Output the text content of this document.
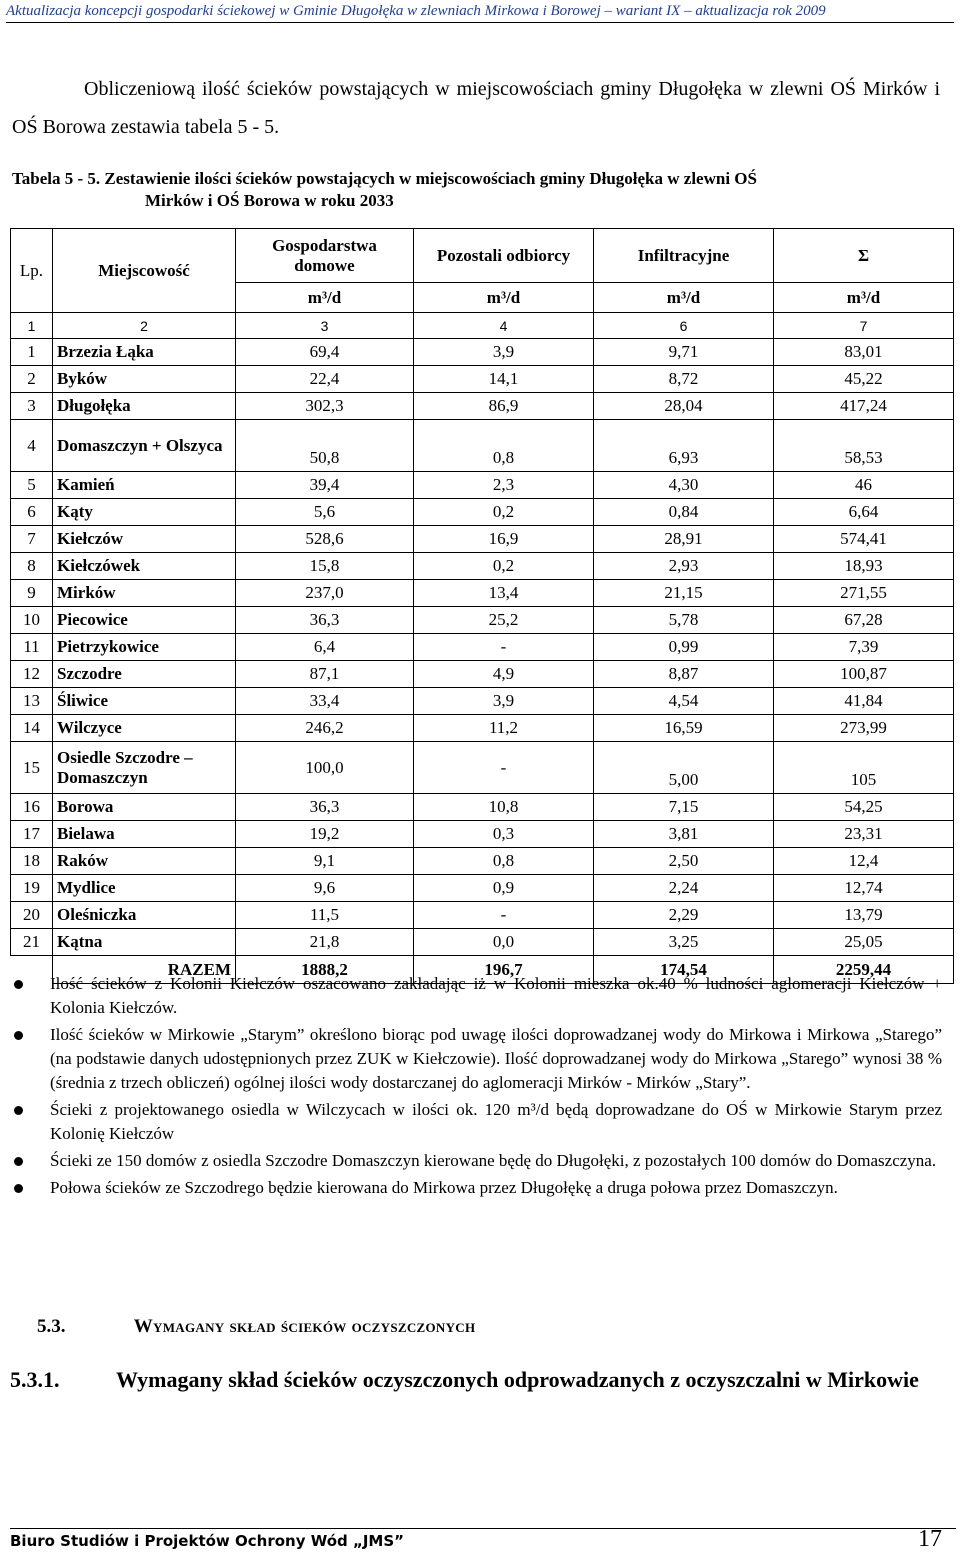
Aktualizacja koncepcji gospodarki ściekowej w Gminie Długołęka w zlewniach Mirkowa i Borowej – wariant IX – aktualizacja rok 2009

Obliczeniową ilość ścieków powstających w miejscowościach gminy Długołęka w zlewni OŚ Mirków i OŚ Borowa zestawia tabela 5 - 5.

Tabela 5 - 5. Zestawienie ilości ścieków powstających w miejscowościach gminy Długołęka w zlewni OŚ
Mirków i OŚ Borowa w roku 2033
Lp.	Miejscowość	Gospodarstwa domowe	Pozostali odbiorcy	Infiltracyjne	Σ
		m³/d	m³/d	m³/d	m³/d
1	2	3	4	6	7
1	Brzezia Łąka	69,4	3,9	9,71	83,01
2	Byków	22,4	14,1	8,72	45,22
3	Długołęka	302,3	86,9	28,04	417,24
4	Domaszczyn + Olszyca	50,8	0,8	6,93	58,53
5	Kamień	39,4	2,3	4,30	46
6	Kąty	5,6	0,2	0,84	6,64
7	Kiełczów	528,6	16,9	28,91	574,41
8	Kiełczówek	15,8	0,2	2,93	18,93
9	Mirków	237,0	13,4	21,15	271,55
10	Piecowice	36,3	25,2	5,78	67,28
11	Pietrzykowice	6,4	-	0,99	7,39
12	Szczodre	87,1	4,9	8,87	100,87
13	Śliwice	33,4	3,9	4,54	41,84
14	Wilczyce	246,2	11,2	16,59	273,99
15	Osiedle Szczodre – Domaszczyn	100,0	-	5,00	105
16	Borowa	36,3	10,8	7,15	54,25
17	Bielawa	19,2	0,3	3,81	23,31
18	Raków	9,1	0,8	2,50	12,4
19	Mydlice	9,6	0,9	2,24	12,74
20	Oleśniczka	11,5	-	2,29	13,79
21	Kątna	21,8	0,0	3,25	25,05
	RAZEM	1888,2	196,7	174,54	2259,44
Ilość ścieków z Kolonii Kiełczów oszacowano zakładając iż w Kolonii mieszka ok.40 % ludności aglomeracji Kiełczów + Kolonia Kiełczów.
Ilość ścieków w Mirkowie „Starym” określono biorąc pod uwagę ilości doprowadzanej wody do Mirkowa i Mirkowa „Starego” (na podstawie danych udostępnionych przez ZUK w Kiełczowie). Ilość doprowadzanej wody do Mirkowa „Starego” wynosi 38 % (średnia z trzech obliczeń) ogólnej ilości wody dostarczanej do aglomeracji Mirków - Mirków „Stary”.
Ścieki z projektowanego osiedla w Wilczycach w ilości ok. 120 m³/d będą doprowadzane do OŚ w Mirkowie Starym przez Kolonię Kiełczów
Ścieki ze 150 domów z osiedla Szczodre Domaszczyn kierowane będę do Długołęki, z pozostałych 100 domów do Domaszczyna.
Połowa ścieków ze Szczodrego będzie kierowana do Mirkowa przez Długołękę a druga połowa przez Domaszczyn.
5.3.	Wymagany skład ścieków oczyszczonych
5.3.1.	Wymagany skład ścieków oczyszczonych odprowadzanych z oczyszczalni w Mirkowie
Biuro Studiów i Projektów Ochrony Wód „JMS”	17
